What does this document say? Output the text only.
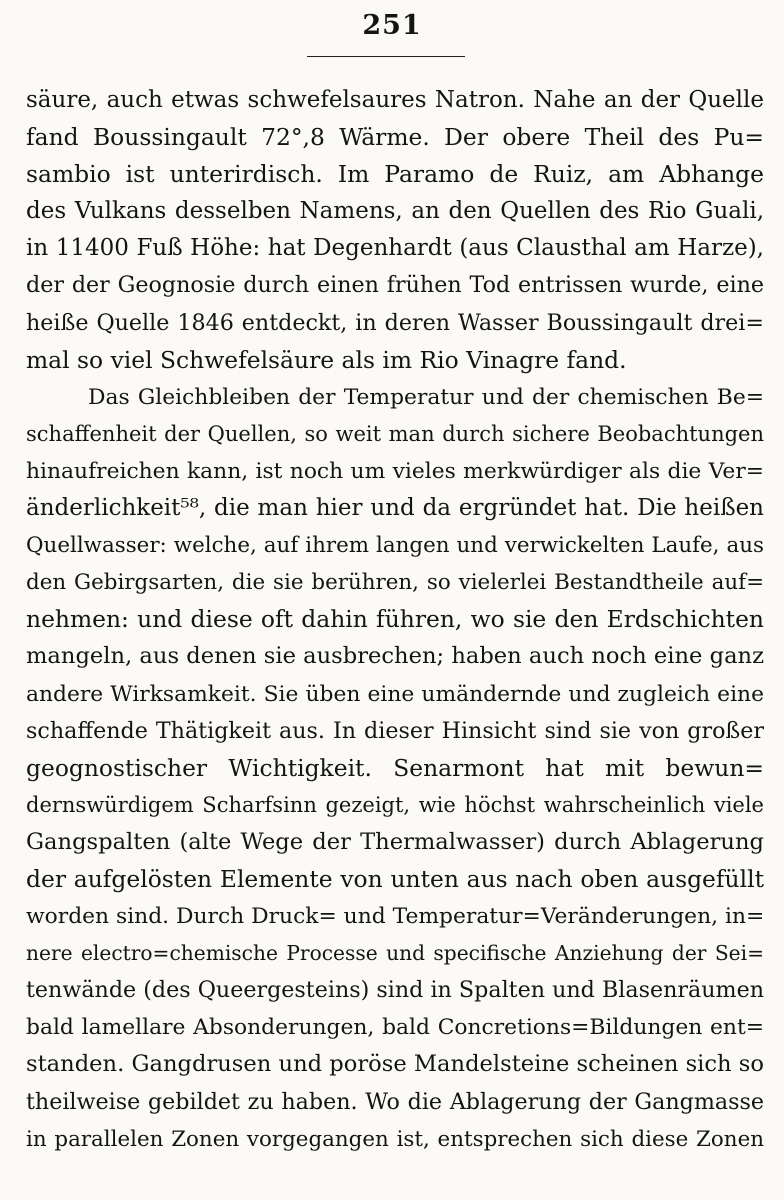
251
säure, auch etwas schwefelsaures Natron. Nahe an der Quelle
fand Boussingault 72°,8 Wärme. Der obere Theil des Pu=
sambio ist unterirdisch. Im Paramo de Ruiz, am Abhange
des Vulkans desselben Namens, an den Quellen des Rio Guali,
in 11400 Fuß Höhe: hat Degenhardt (aus Clausthal am Harze),
der der Geognosie durch einen frühen Tod entrissen wurde, eine
heiße Quelle 1846 entdeckt, in deren Wasser Boussingault drei=
mal so viel Schwefelsäure als im Rio Vinagre fand.
Das Gleichbleiben der Temperatur und der chemischen Be=
schaffenheit der Quellen, so weit man durch sichere Beobachtungen
hinaufreichen kann, ist noch um vieles merkwürdiger als die Ver=
änderlichkeit⁵⁸, die man hier und da ergründet hat. Die heißen
Quellwasser: welche, auf ihrem langen und verwickelten Laufe, aus
den Gebirgsarten, die sie berühren, so vielerlei Bestandtheile auf=
nehmen: und diese oft dahin führen, wo sie den Erdschichten
mangeln, aus denen sie ausbrechen; haben auch noch eine ganz
andere Wirksamkeit. Sie üben eine umändernde und zugleich eine
schaffende Thätigkeit aus. In dieser Hinsicht sind sie von großer
geognostischer Wichtigkeit. Senarmont hat mit bewun=
dernswürdigem Scharfsinn gezeigt, wie höchst wahrscheinlich viele
Gangspalten (alte Wege der Thermalwasser) durch Ablagerung
der aufgelösten Elemente von unten aus nach oben ausgefüllt
worden sind. Durch Druck= und Temperatur=Veränderungen, in=
nere electro=chemische Processe und specifische Anziehung der Sei=
tenwände (des Queergesteins) sind in Spalten und Blasenräumen
bald lamellare Absonderungen, bald Concretions=Bildungen ent=
standen. Gangdrusen und poröse Mandelsteine scheinen sich so
theilweise gebildet zu haben. Wo die Ablagerung der Gangmasse
in parallelen Zonen vorgegangen ist, entsprechen sich diese Zonen
